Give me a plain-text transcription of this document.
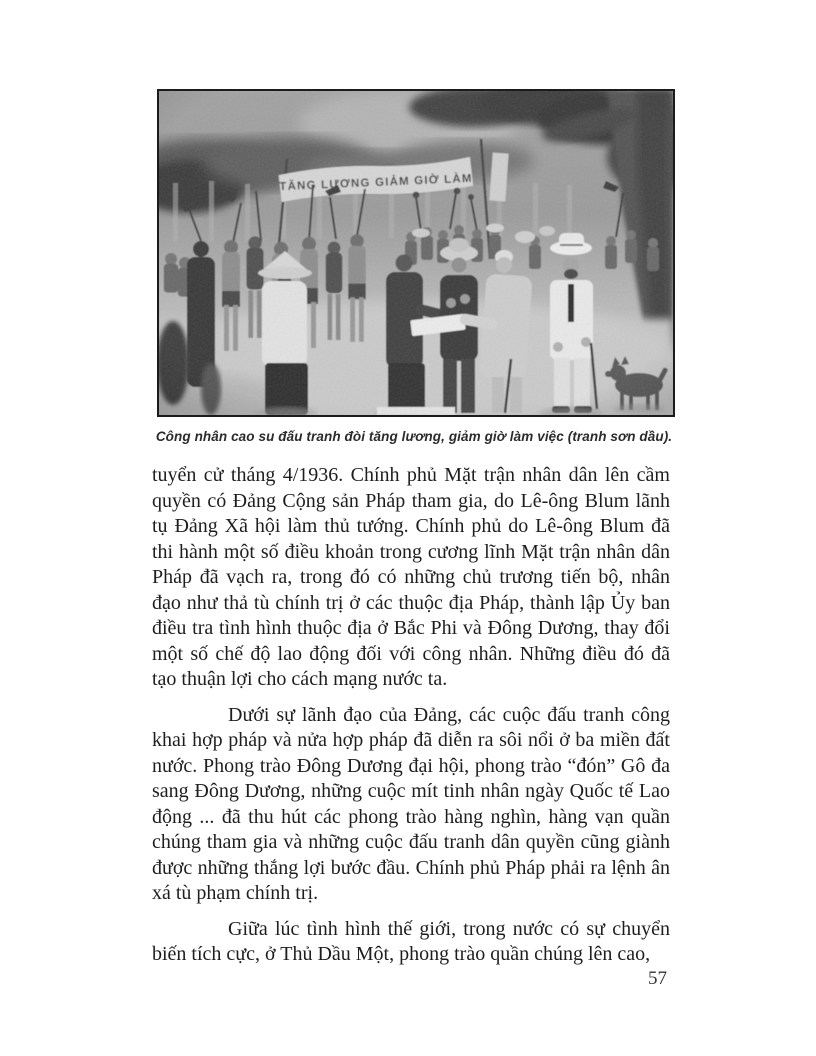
Công nhân cao su đấu tranh đòi tăng lương, giảm giờ làm việc (tranh sơn dầu).

tuyển cử tháng 4/1936. Chính phủ Mặt trận nhân dân lên cầm quyền có Đảng Cộng sản Pháp tham gia, do Lê-ông Blum lãnh tụ Đảng Xã hội làm thủ tướng. Chính phủ do Lê-ông Blum đã thi hành một số điều khoản trong cương lĩnh Mặt trận nhân dân Pháp đã vạch ra, trong đó có những chủ trương tiến bộ, nhân đạo như thả tù chính trị ở các thuộc địa Pháp, thành lập Ủy ban điều tra tình hình thuộc địa ở Bắc Phi và Đông Dương, thay đổi một số chế độ lao động đối với công nhân. Những điều đó đã tạo thuận lợi cho cách mạng nước ta.

Dưới sự lãnh đạo của Đảng, các cuộc đấu tranh công khai hợp pháp và nửa hợp pháp đã diễn ra sôi nổi ở ba miền đất nước. Phong trào Đông Dương đại hội, phong trào “đón” Gô đa sang Đông Dương, những cuộc mít tinh nhân ngày Quốc tế Lao động ... đã thu hút các phong trào hàng nghìn, hàng vạn quần chúng tham gia và những cuộc đấu tranh dân quyền cũng giành được những thắng lợi bước đầu. Chính phủ Pháp phải ra lệnh ân xá tù phạm chính trị.

Giữa lúc tình hình thế giới, trong nước có sự chuyển biến tích cực, ở Thủ Dầu Một, phong trào quần chúng lên cao,

57
